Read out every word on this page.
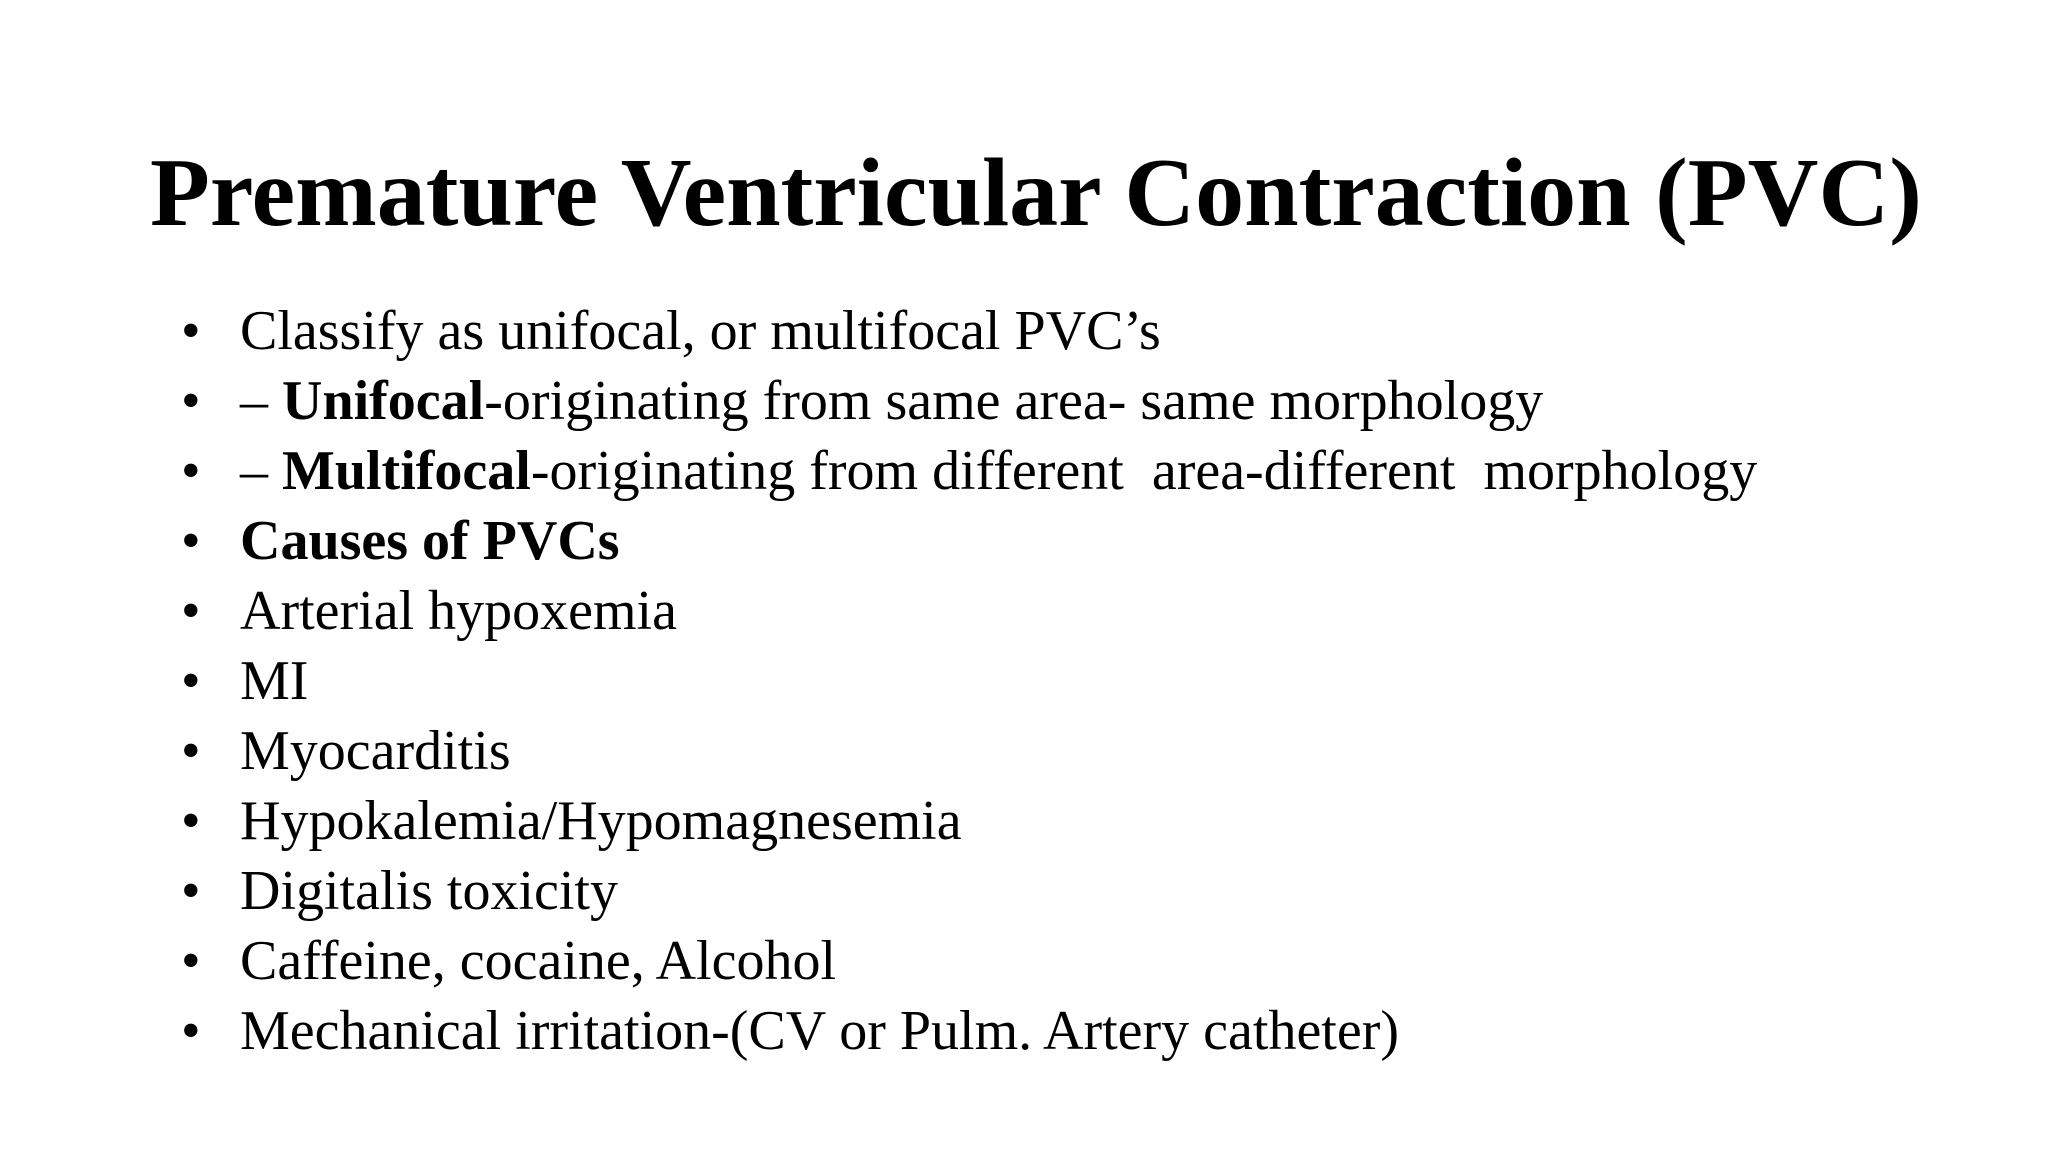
Premature Ventricular Contraction (PVC)
• Classify as unifocal, or multifocal PVC’s
• – Unifocal-originating from same area- same morphology
• – Multifocal-originating from different  area-different  morphology
• Causes of PVCs
• Arterial hypoxemia
• MI
• Myocarditis
• Hypokalemia/Hypomagnesemia
• Digitalis toxicity
• Caffeine, cocaine, Alcohol
• Mechanical irritation-(CV or Pulm. Artery catheter)
